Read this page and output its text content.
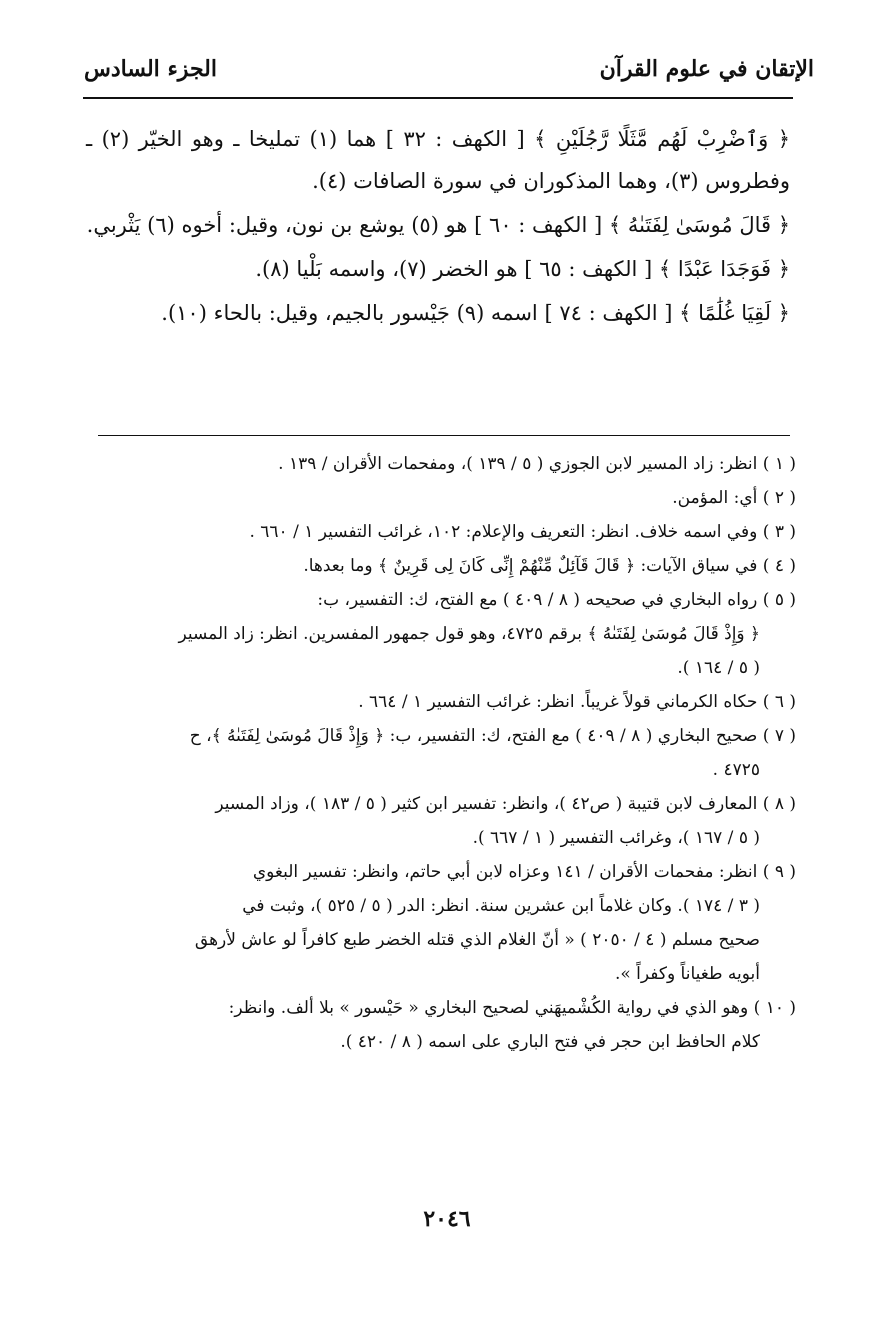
الإتقان في علوم القرآن
الجزء السادس

﴿ وَٱضْرِبْ لَهُم مَّثَلًا رَّجُلَيْنِ ﴾ [ الكهف : ٣٢ ] هما (١) تمليخا ـ وهو الخيّر (٢) ـ وفطروس (٣)، وهما المذكوران في سورة الصافات (٤).

﴿ قَالَ مُوسَىٰ لِفَتَىٰهُ ﴾ [ الكهف : ٦٠ ] هو (٥) يوشع بن نون، وقيل: أخوه (٦) يَثْربي.

﴿ فَوَجَدَا عَبْدًا ﴾ [ الكهف : ٦٥ ] هو الخضر (٧)، واسمه بَلْيا (٨).

﴿ لَقِيَا غُلَٰمًا ﴾ [ الكهف : ٧٤ ] اسمه (٩) جَيْسور بالجيم، وقيل: بالحاء (١٠).

( ١ ) انظر: زاد المسير لابن الجوزي ( ٥ / ١٣٩ )، ومفحمات الأقران / ١٣٩ .

( ٢ ) أي: المؤمن.

( ٣ ) وفي اسمه خلاف. انظر: التعريف والإعلام: ١٠٢، غرائب التفسير ١ / ٦٦٠ .

( ٤ ) في سياق الآيات: ﴿ قَالَ قَآئِلٌ مِّنْهُمْ إِنِّى كَانَ لِى قَرِينٌ ﴾ وما بعدها.

( ٥ ) رواه البخاري في صحيحه ( ٨ / ٤٠٩ ) مع الفتح، ك: التفسير، ب:

﴿ وَإِذْ قَالَ مُوسَىٰ لِفَتَىٰهُ ﴾ برقم ٤٧٢٥، وهو قول جمهور المفسرين. انظر: زاد المسير

( ٥ / ١٦٤ ).

( ٦ ) حكاه الكرماني قولاً غريباً. انظر: غرائب التفسير ١ / ٦٦٤ .

( ٧ ) صحيح البخاري ( ٨ / ٤٠٩ ) مع الفتح، ك: التفسير، ب: ﴿ وَإِذْ قَالَ مُوسَىٰ لِفَتَىٰهُ ﴾، ح

٤٧٢٥ .

( ٨ ) المعارف لابن قتيبة ( ص٤٢ )، وانظر: تفسير ابن كثير ( ٥ / ١٨٣ )، وزاد المسير

( ٥ / ١٦٧ )، وغرائب التفسير ( ١ / ٦٦٧ ).

( ٩ ) انظر: مفحمات الأقران / ١٤١ وعزاه لابن أبي حاتم، وانظر: تفسير البغوي

( ٣ / ١٧٤ ). وكان غلاماً ابن عشرين سنة. انظر: الدر ( ٥ / ٥٢٥ )، وثبت في

صحيح مسلم ( ٤ / ٢٠٥٠ ) « أنّ الغلام الذي قتله الخضر طبع كافراً لو عاش لأرهق

أبويه طغياناً وكفراً ».

( ١٠ ) وهو الذي في رواية الكُشْميهَني لصحيح البخاري « حَيْسور » بلا ألف. وانظر:

كلام الحافظ ابن حجر في فتح الباري على اسمه ( ٨ / ٤٢٠ ).

٢٠٤٦
